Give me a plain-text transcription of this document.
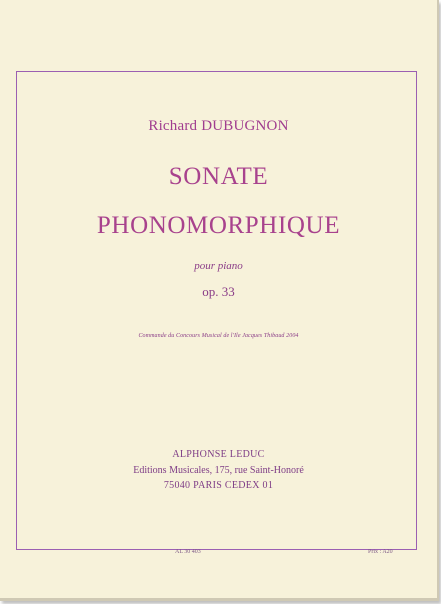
Richard DUBUGNON
SONATE
PHONOMORPHIQUE
pour piano
op. 33
Commande du Concours Musical de l'Ile Jacques Thibaud 2004
ALPHONSE LEDUC
Editions Musicales, 175, rue Saint-Honoré
75040 PARIS CEDEX 01
AL 30 403	Prix : A20
